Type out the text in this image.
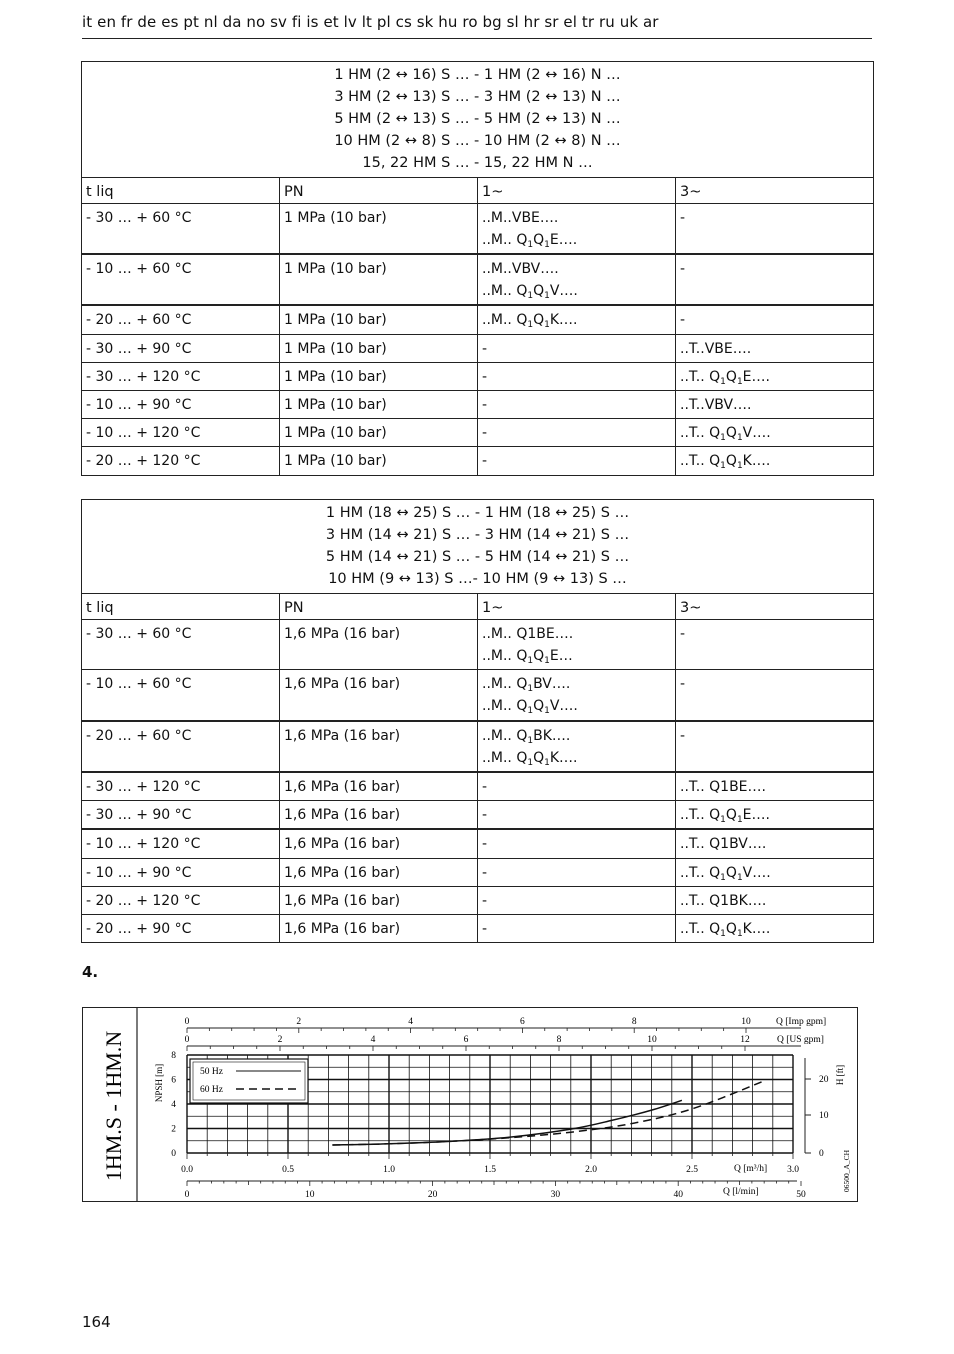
it en fr de es pt nl da no sv fi is et lv lt pl cs sk hu ro bg sl hr sr el tr ru uk ar
1 HM (2 ↔ 16) S … - 1 HM (2 ↔ 16) N …
3 HM (2 ↔ 13) S … - 3 HM (2 ↔ 13) N …
5 HM (2 ↔ 13) S … - 5 HM (2 ↔ 13) N …
10 HM (2 ↔ 8) S … - 10 HM (2 ↔ 8) N …
15, 22 HM S … - 15, 22 HM N …			

t liq	PN	1~	3~

- 30 … + 60 °C	1 MPa (10 bar)	..M..VBE….
..M.. $Q_1Q_1E\dots$.	-

- 10 … + 60 °C	1 MPa (10 bar)	..M..VBV….
..M.. $Q_1Q_1V\dots$.	-

- 20 … + 60 °C	1 MPa (10 bar)	..M.. $Q_1Q_1K\dots$.	-

- 30 … + 90 °C	1 MPa (10 bar)	-	..T..VBE….

- 30 … + 120 °C	1 MPa (10 bar)	-	..T.. $Q_1Q_1E\dots$.

- 10 … + 90 °C	1 MPa (10 bar)	-	..T..VBV….

- 10 … + 120 °C	1 MPa (10 bar)	-	..T.. $Q_1Q_1V\dots$.

- 20 … + 120 °C	1 MPa (10 bar)	-	..T.. $Q_1Q_1K\dots$.
1 HM (18 ↔ 25) S … - 1 HM (18 ↔ 25) S …
3 HM (14 ↔ 21) S … - 3 HM (14 ↔ 21) S …
5 HM (14 ↔ 21) S … - 5 HM (14 ↔ 21) S …
10 HM (9 ↔ 13) S …- 10 HM (9 ↔ 13) S …			

t liq	PN	1~	3~

- 30 … + 60 °C	1,6 MPa (16 bar)	..M.. Q1BE….
..M.. $Q_1Q_1E\dots$	-

- 10 … + 60 °C	1,6 MPa (16 bar)	..M.. $Q_1BV\dots$.
..M.. $Q_1Q_1V\dots$.	-

- 20 … + 60 °C	1,6 MPa (16 bar)	..M.. $Q_1BK\dots$.
..M.. $Q_1Q_1K\dots$.	-

- 30 … + 120 °C	1,6 MPa (16 bar)	-	..T.. Q1BE….

- 30 … + 90 °C	1,6 MPa (16 bar)	-	..T.. $Q_1Q_1E\dots$.

- 10 … + 120 °C	1,6 MPa (16 bar)	-	..T.. Q1BV….

- 10 … + 90 °C	1,6 MPa (16 bar)	-	..T.. $Q_1Q_1V\dots$.

- 20 … + 120 °C	1,6 MPa (16 bar)	-	..T.. Q1BK….

- 20 … + 90 °C	1,6 MPa (16 bar)	-	..T.. $Q_1Q_1K\dots$.
4.
1HM.S - 1HM.N	0
2
4
6
8
NPSH [m]
0
10
20 H [ft]
0	2	4	6	8	10	Q [Imp gpm]
0	2	4	6	8	10	12	Q [US gpm]
0.0	0.5	1.0	1.5	2.0	2.5	3.0
Q [m³/h]
0	10	20	30	40	50
Q [l/min]	06500_A_CH
50 Hz
60 Hz
164
